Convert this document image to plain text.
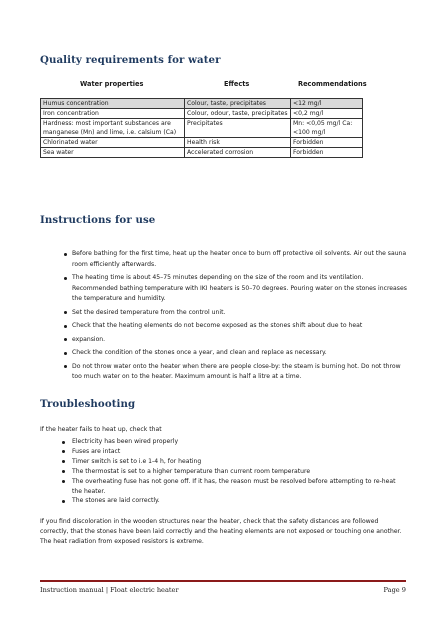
Quality requirements for water
Water properties	Effects	Recommendations
Humus concentration	Colour, taste, precipitates	<12 mg/l
Iron concentration	Colour, odour, taste, precipitates	<0,2 mg/l
Hardness: most important substances are manganese (Mn) and lime, i.e. calsium (Ca)	Precipitates	Mn: <0,05 mg/l Ca: <100 mg/l
Chlorinated water	Health risk	Forbidden
Sea water	Accelerated corrosion	Forbidden
Instructions for use
Before bathing for the first time, heat up the heater once to burn off protective oil solvents. Air out the sauna room efficiently afterwards.
The heating time is about 45–75 minutes depending on the size of the room and its ventilation. Recommended bathing temperature with IKI heaters is 50–70 degrees. Pouring water on the stones increases the temperature and humidity.
Set the desired temperature from the control unit.
Check that the heating elements do not become exposed as the stones shift about due to heat
expansion.
Check the condition of the stones once a year, and clean and replace as necessary.
Do not throw water onto the heater when there are people close-by: the steam is burning hot. Do not throw too much water on to the heater. Maximum amount is half a litre at a time.
Troubleshooting

If the heater fails to heat up, check that

Electricity has been wired properly
Fuses are intact
Timer switch is set to i.e 1-4 h, for heating
The thermostat is set to a higher temperature than current room temperature
The overheating fuse has not gone off. If it has, the reason must be resolved before attempting to re-heat the heater.
The stones are laid correctly.

If you find discoloration in the wooden structures near the heater, check that the safety distances are followed correctly, that the stones have been laid correctly and the heating elements are not exposed or touching one another. The heat radiation from exposed resistors is extreme.

Instruction manual | Float electric heater	Page 9
